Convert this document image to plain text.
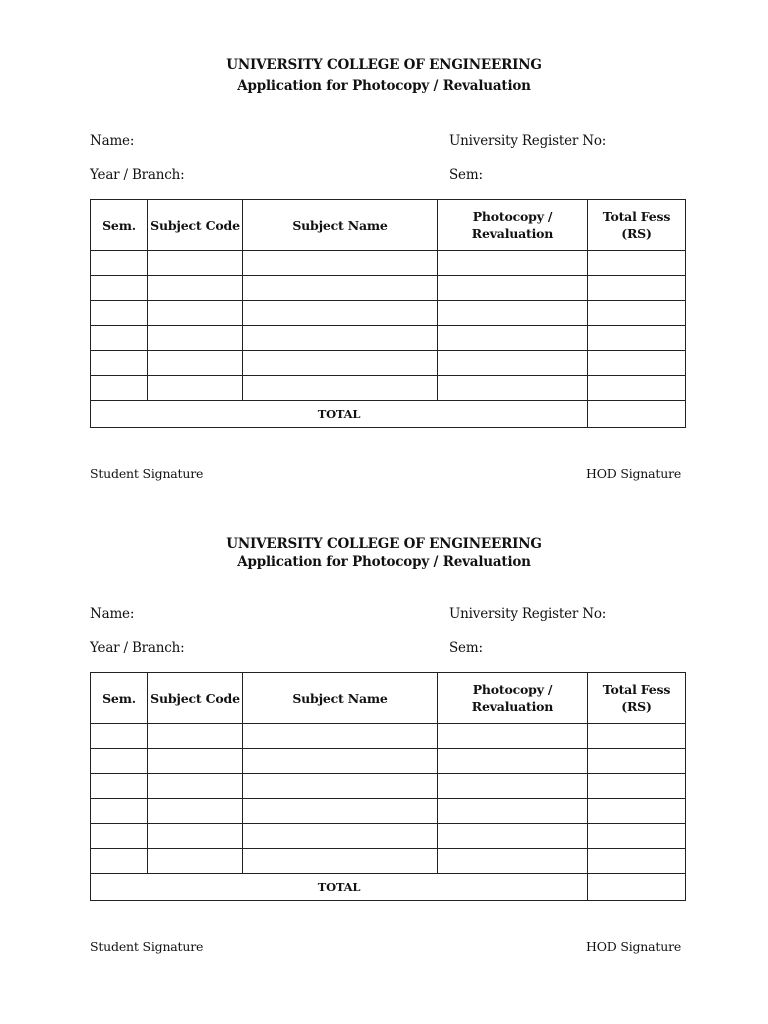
UNIVERSITY COLLEGE OF ENGINEERING
Application for Photocopy / Revaluation
Name:	University Register No:
Year / Branch:	Sem:
Sem.	Subject Code	Subject Name	Photocopy / Revaluation	Total Fess (RS)

TOTAL				
Student Signature	HOD Signature
UNIVERSITY COLLEGE OF ENGINEERING
Application for Photocopy / Revaluation
Name:	University Register No:
Year / Branch:	Sem:
Sem.	Subject Code	Subject Name	Photocopy / Revaluation	Total Fess (RS)

TOTAL				
Student Signature	HOD Signature
